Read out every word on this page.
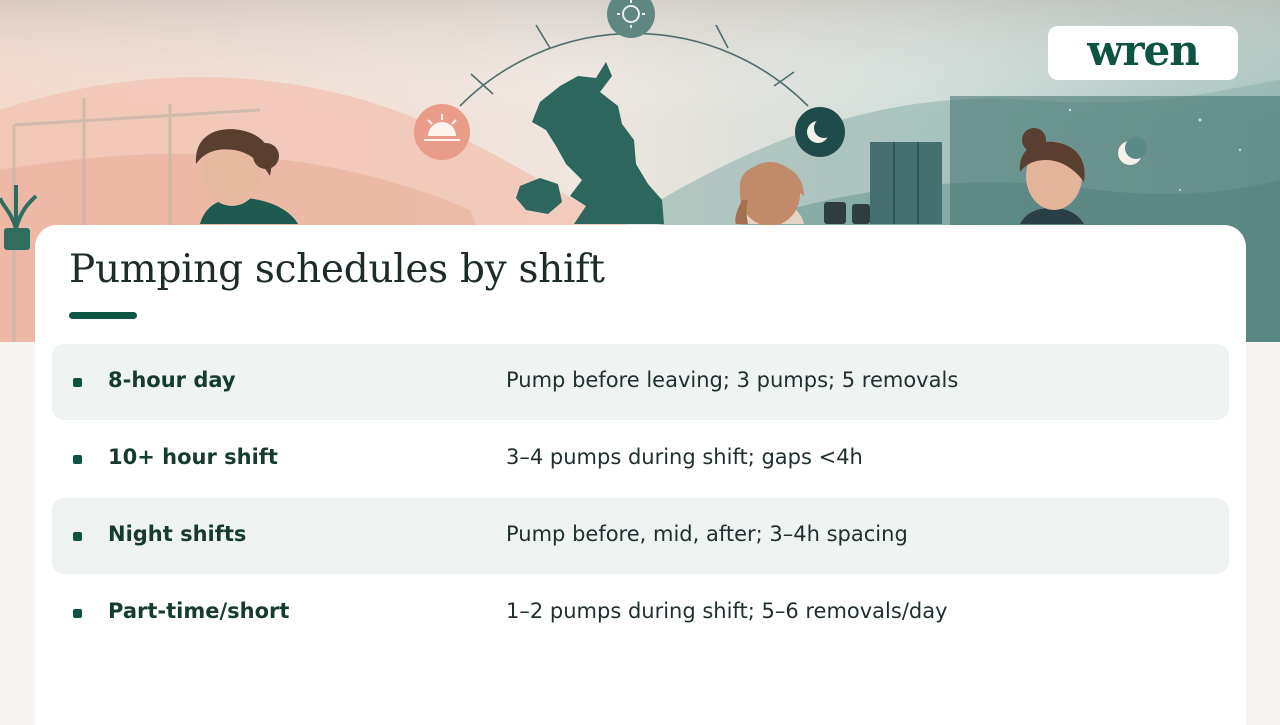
wren
Pumping schedules by shift
8-hour day	Pump before leaving; 3 pumps; 5 removals
10+ hour shift	3–4 pumps during shift; gaps <4h
Night shifts	Pump before, mid, after; 3–4h spacing
Part-time/short	1–2 pumps during shift; 5–6 removals/day
